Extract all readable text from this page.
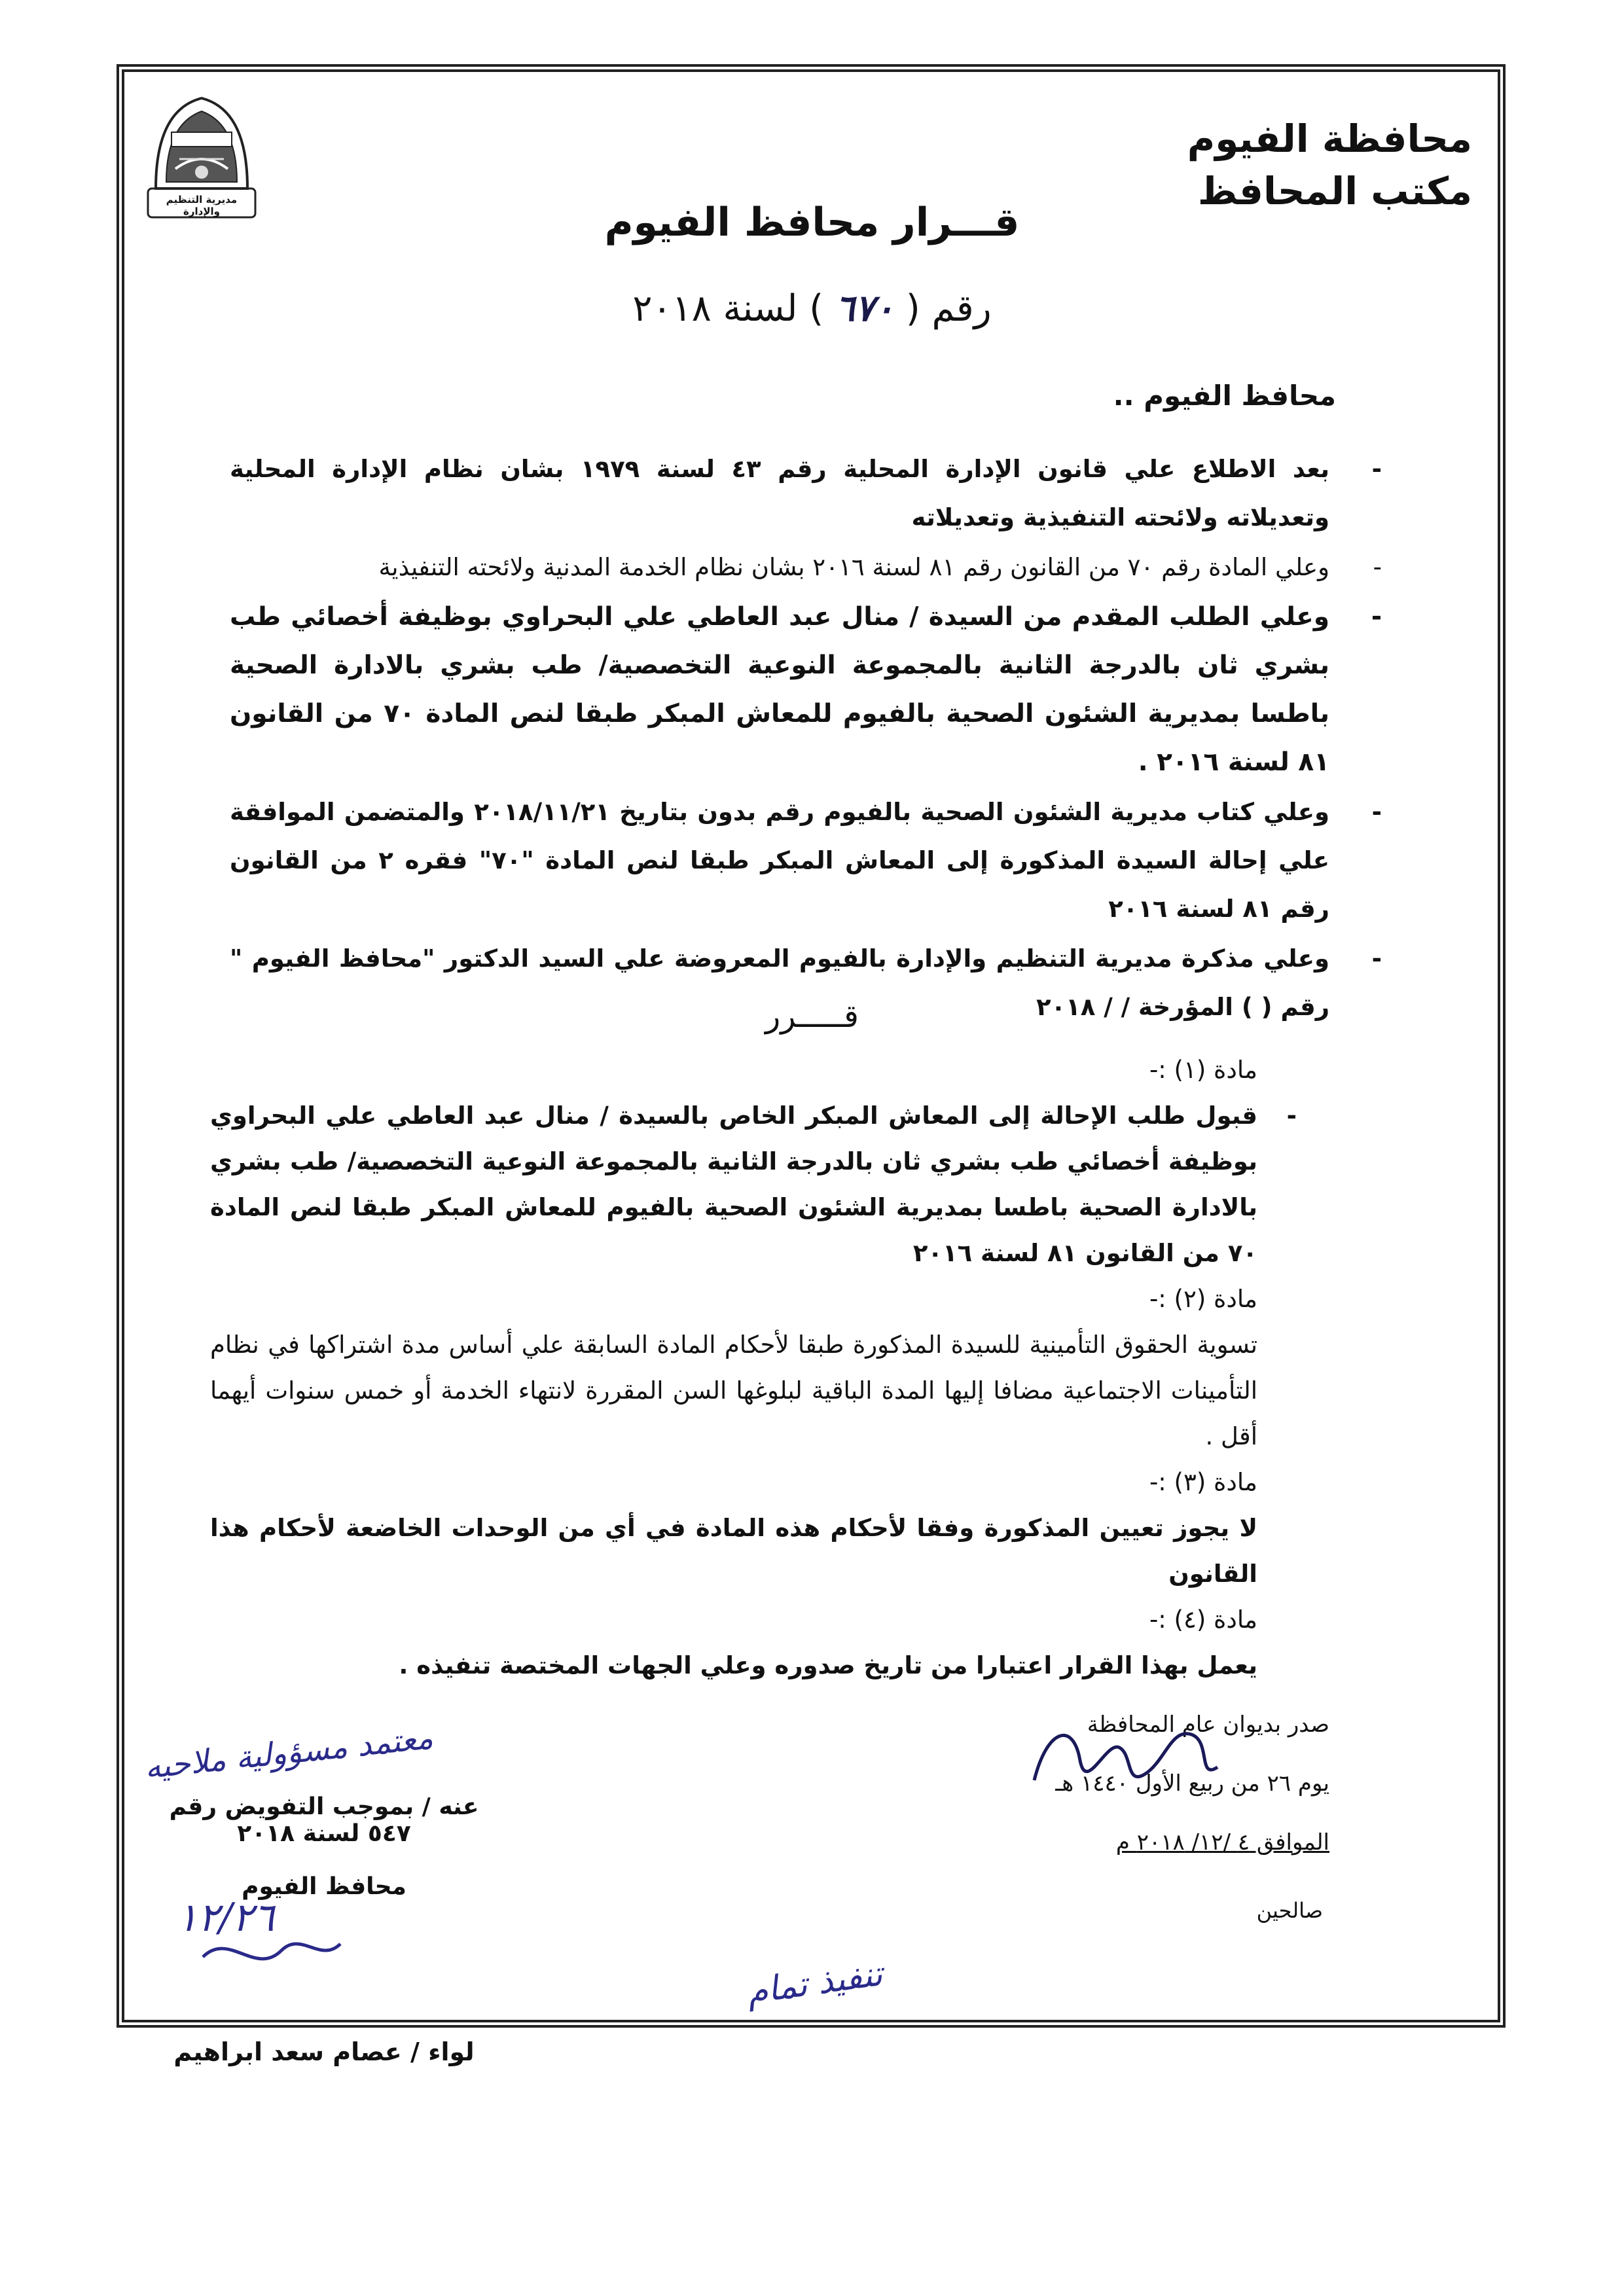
مديرية التنظيم والإدارة
محافظة الفيوم
مكتب المحافظ
قـــرار محافظ الفيوم
رقم ( ٦٧٠ ) لسنة ٢٠١٨
محافظ الفيوم ..
-
بعد الاطلاع علي قانون الإدارة المحلية رقم ٤٣ لسنة ١٩٧٩ بشان نظام الإدارة المحلية وتعديلاته ولائحته التنفيذية وتعديلاته
-
وعلي المادة رقم ٧٠ من القانون رقم ٨١ لسنة ٢٠١٦ بشان نظام الخدمة المدنية ولائحته التنفيذية
-
وعلي الطلب المقدم من السيدة / منال عبد العاطي علي البحراوي بوظيفة أخصائي طب بشري ثان بالدرجة الثانية بالمجموعة النوعية التخصصية/ طب بشري بالادارة الصحية باطسا بمديرية الشئون الصحية بالفيوم للمعاش المبكر طبقا لنص المادة ٧٠ من القانون ٨١ لسنة ٢٠١٦ .
-
وعلي كتاب مديرية الشئون الصحية بالفيوم رقم بدون بتاريخ ٢٠١٨/١١/٢١ والمتضمن الموافقة علي إحالة السيدة المذكورة إلى المعاش المبكر طبقا لنص المادة "٧٠" فقره ٢ من القانون رقم ٨١ لسنة ٢٠١٦
-
وعلي مذكرة مديرية التنظيم والإدارة بالفيوم المعروضة علي السيد الدكتور "محافظ الفيوم " رقم ( ) المؤرخة / / ٢٠١٨
قـــــرر

مادة (١) :-

- قبول طلب الإحالة إلى المعاش المبكر الخاص بالسيدة / منال عبد العاطي علي البحراوي بوظيفة أخصائي طب بشري ثان بالدرجة الثانية بالمجموعة النوعية التخصصية/ طب بشري بالادارة الصحية باطسا بمديرية الشئون الصحية بالفيوم للمعاش المبكر طبقا لنص المادة ٧٠ من القانون ٨١ لسنة ٢٠١٦

مادة (٢) :-

تسوية الحقوق التأمينية للسيدة المذكورة طبقا لأحكام المادة السابقة علي أساس مدة اشتراكها في نظام التأمينات الاجتماعية مضافا إليها المدة الباقية لبلوغها السن المقررة لانتهاء الخدمة أو خمس سنوات أيهما أقل .

مادة (٣) :-

لا يجوز تعيين المذكورة وفقا لأحكام هذه المادة في أي من الوحدات الخاضعة لأحكام هذا القانون

مادة (٤) :-

يعمل بهذا القرار اعتبارا من تاريخ صدوره وعلي الجهات المختصة تنفيذه .

صدر بديوان عام المحافظة
يوم ٢٦ من ربيع الأول ١٤٤٠ هـ
الموافق ٤ /١٢/ ٢٠١٨ م
صالحين
عنه / بموجب التفويض رقم ٥٤٧ لسنة ٢٠١٨
محافظ الفيوم
لواء / عصام سعد ابراهيم
١٢/٢٦
معتمد مسؤولية ملاحيه
تنفيذ تمام
